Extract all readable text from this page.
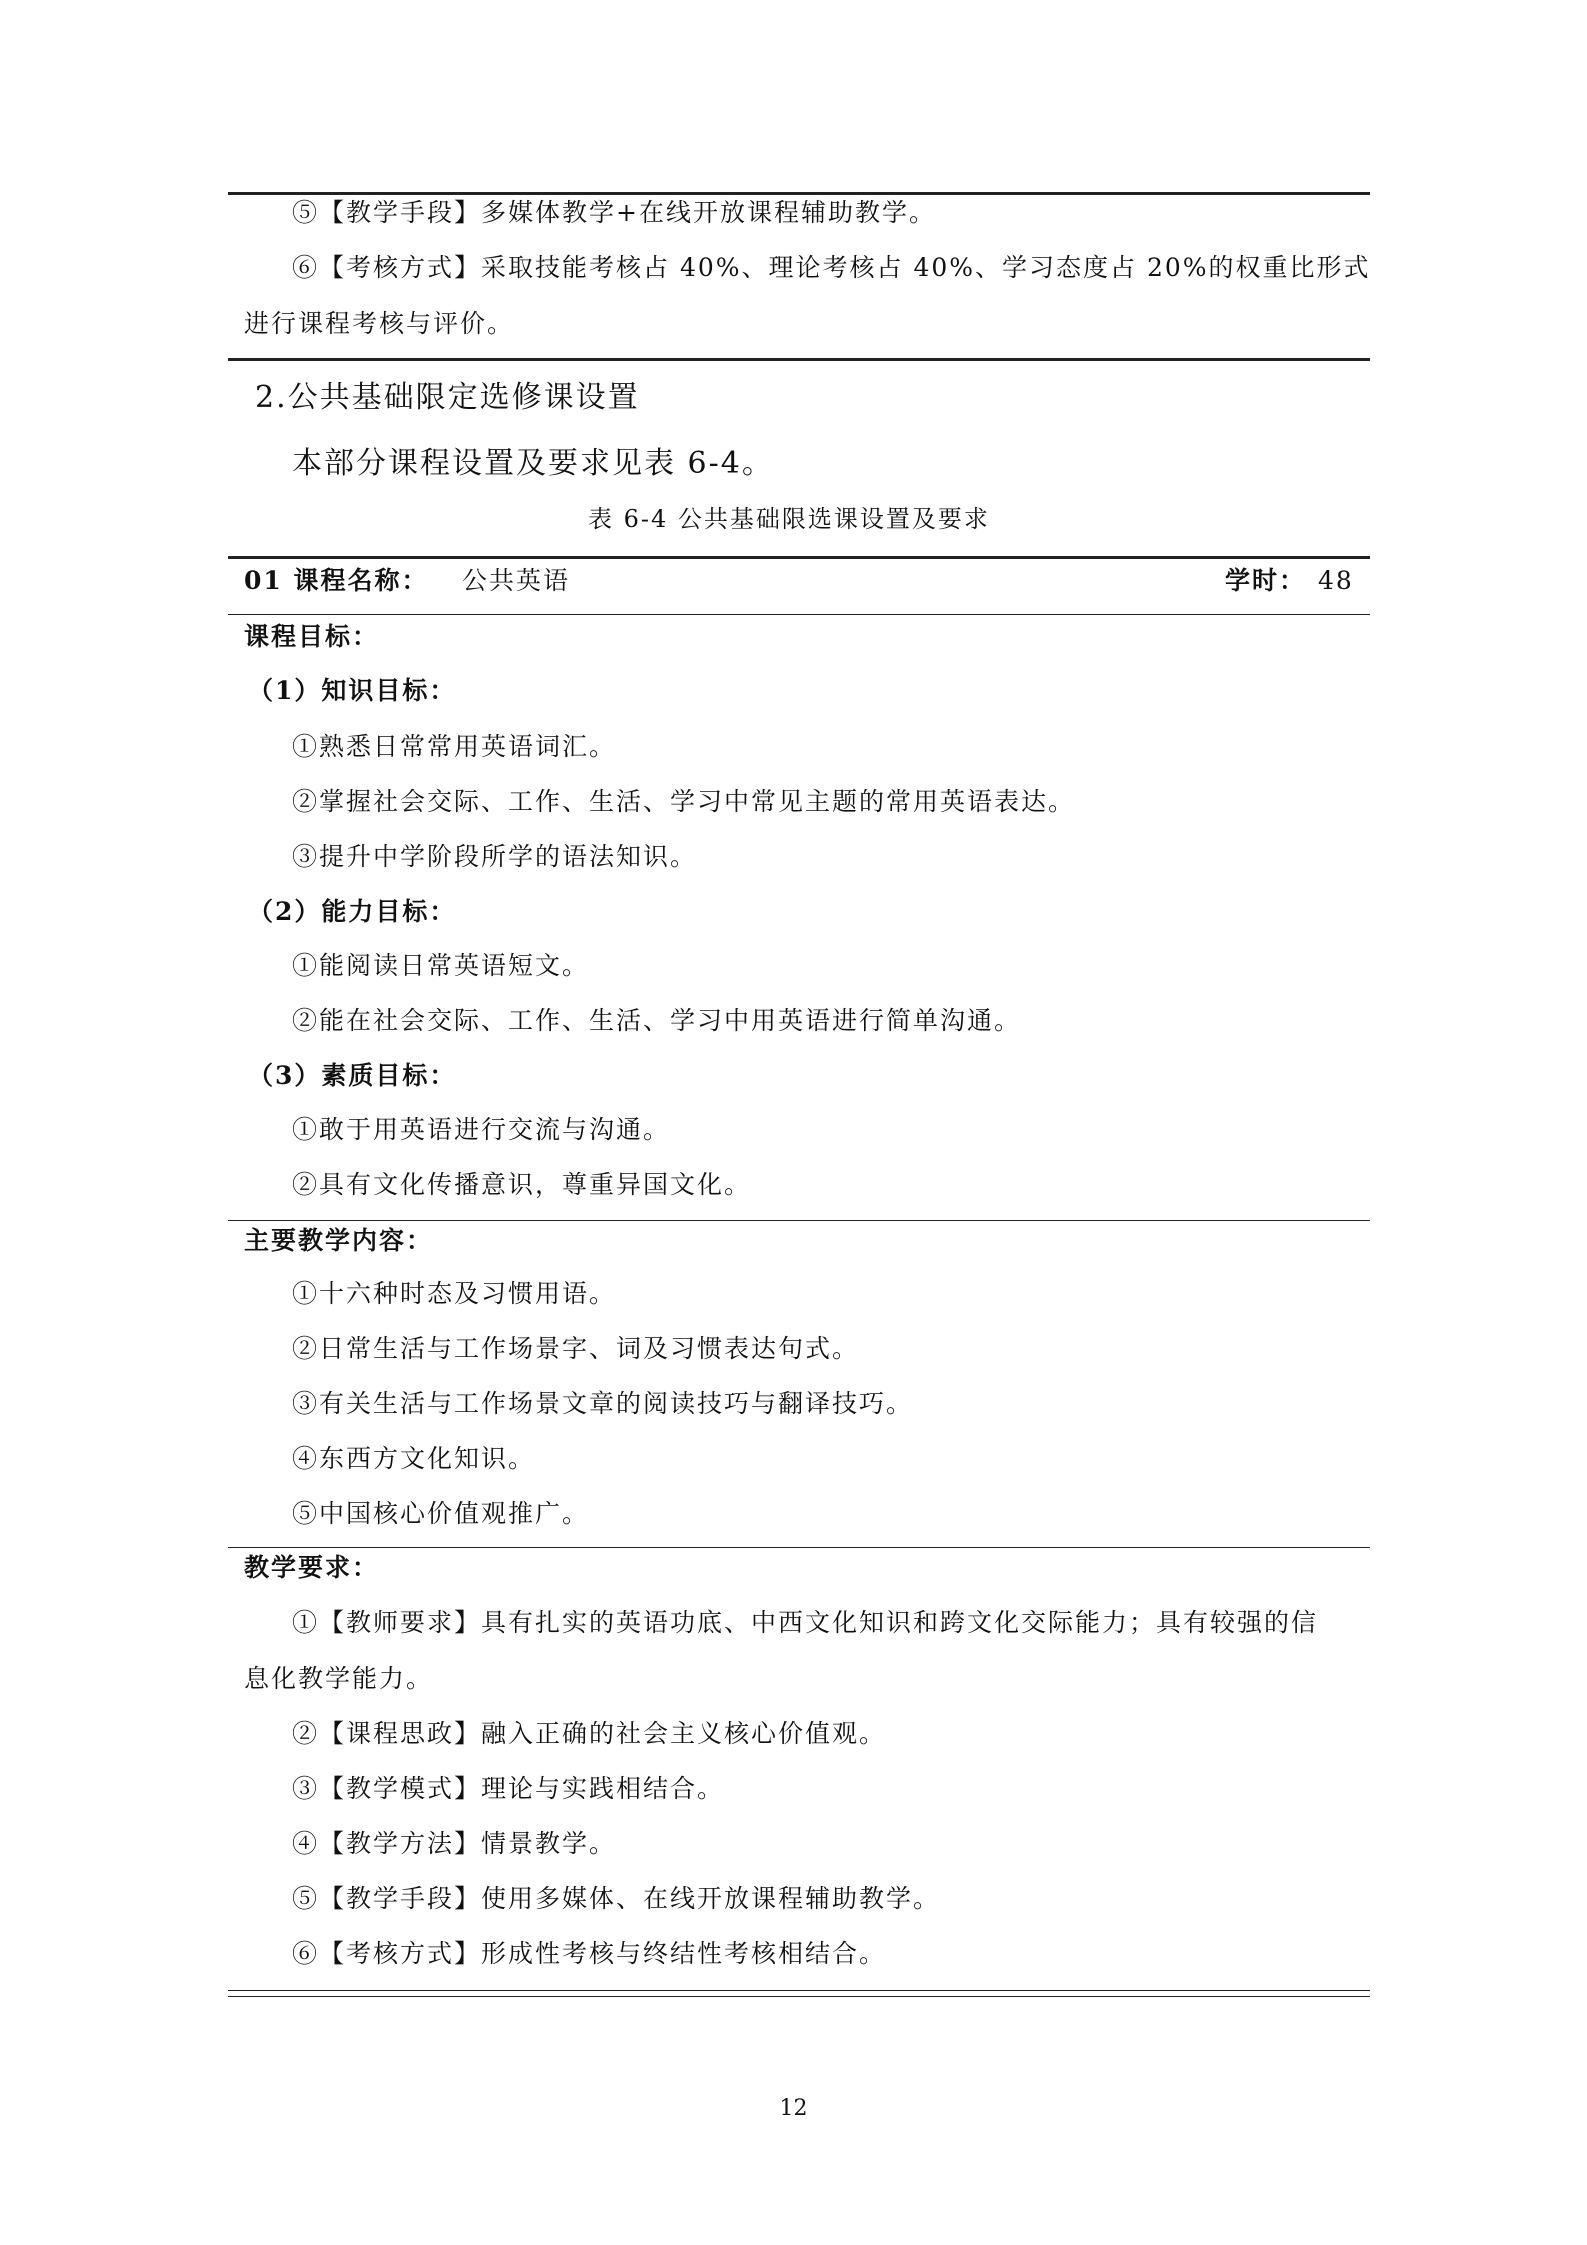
⑤【教学手段】多媒体教学+在线开放课程辅助教学。
⑥【考核方式】采取技能考核占 40%、理论考核占 40%、学习态度占 20%的权重比形式
进行课程考核与评价。
2.公共基础限定选修课设置
本部分课程设置及要求见表 6-4。
表 6-4 公共基础限选课设置及要求
01 课程名称： 公共英语	学时： 48
课程目标：
（1）知识目标：
①熟悉日常常用英语词汇。
②掌握社会交际、工作、生活、学习中常见主题的常用英语表达。
③提升中学阶段所学的语法知识。
（2）能力目标：
①能阅读日常英语短文。
②能在社会交际、工作、生活、学习中用英语进行简单沟通。
（3）素质目标：
①敢于用英语进行交流与沟通。
②具有文化传播意识，尊重异国文化。
主要教学内容：
①十六种时态及习惯用语。
②日常生活与工作场景字、词及习惯表达句式。
③有关生活与工作场景文章的阅读技巧与翻译技巧。
④东西方文化知识。
⑤中国核心价值观推广。
教学要求：
①【教师要求】具有扎实的英语功底、中西文化知识和跨文化交际能力；具有较强的信
息化教学能力。
②【课程思政】融入正确的社会主义核心价值观。
③【教学模式】理论与实践相结合。
④【教学方法】情景教学。
⑤【教学手段】使用多媒体、在线开放课程辅助教学。
⑥【考核方式】形成性考核与终结性考核相结合。
12
